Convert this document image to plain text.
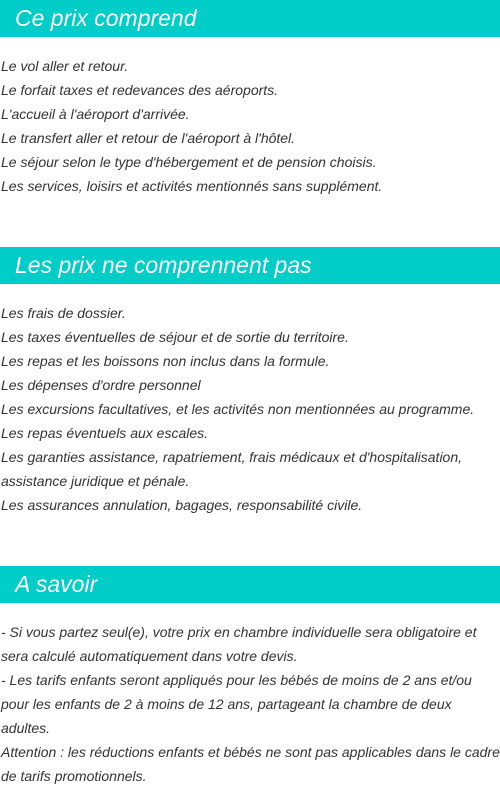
Ce prix comprend
Le vol aller et retour.
Le forfait taxes et redevances des aéroports.
L'accueil à l'aéroport d'arrivée.
Le transfert aller et retour de l'aéroport à l'hôtel.
Le séjour selon le type d'hébergement et de pension choisis.
Les services, loisirs et activités mentionnés sans supplément.
Les prix ne comprennent pas
Les frais de dossier.
Les taxes éventuelles de séjour et de sortie du territoire.
Les repas et les boissons non inclus dans la formule.
Les dépenses d'ordre personnel
Les excursions facultatives, et les activités non mentionnées au programme.
Les repas éventuels aux escales.
Les garanties assistance, rapatriement, frais médicaux et d'hospitalisation, assistance juridique et pénale.
Les assurances annulation, bagages, responsabilité civile.
A savoir
- Si vous partez seul(e), votre prix en chambre individuelle sera obligatoire et sera calculé automatiquement dans votre devis.
- Les tarifs enfants seront appliqués pour les bébés de moins de 2 ans et/ou pour les enfants de 2 à moins de 12 ans, partageant la chambre de deux adultes.
Attention : les réductions enfants et bébés ne sont pas applicables dans le cadre de tarifs promotionnels.
